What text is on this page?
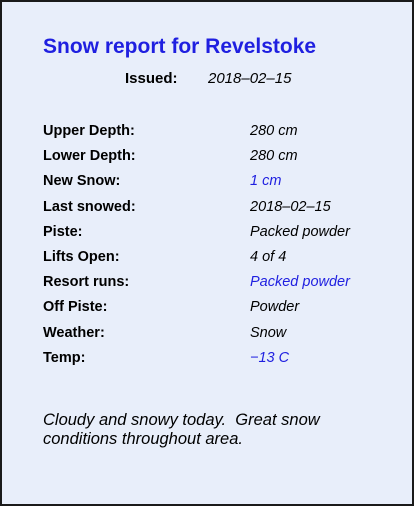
Snow report for Revelstoke
Issued: 2018–02–15
Upper Depth:	280 cm
Lower Depth:	280 cm
New Snow:	1 cm
Last snowed:	2018–02–15
Piste:	Packed powder
Lifts Open:	4 of 4
Resort runs:	Packed powder
Off Piste:	Powder
Weather:	Snow
Temp:	−13 C
Cloudy and snowy today.  Great snow conditions throughout area.
